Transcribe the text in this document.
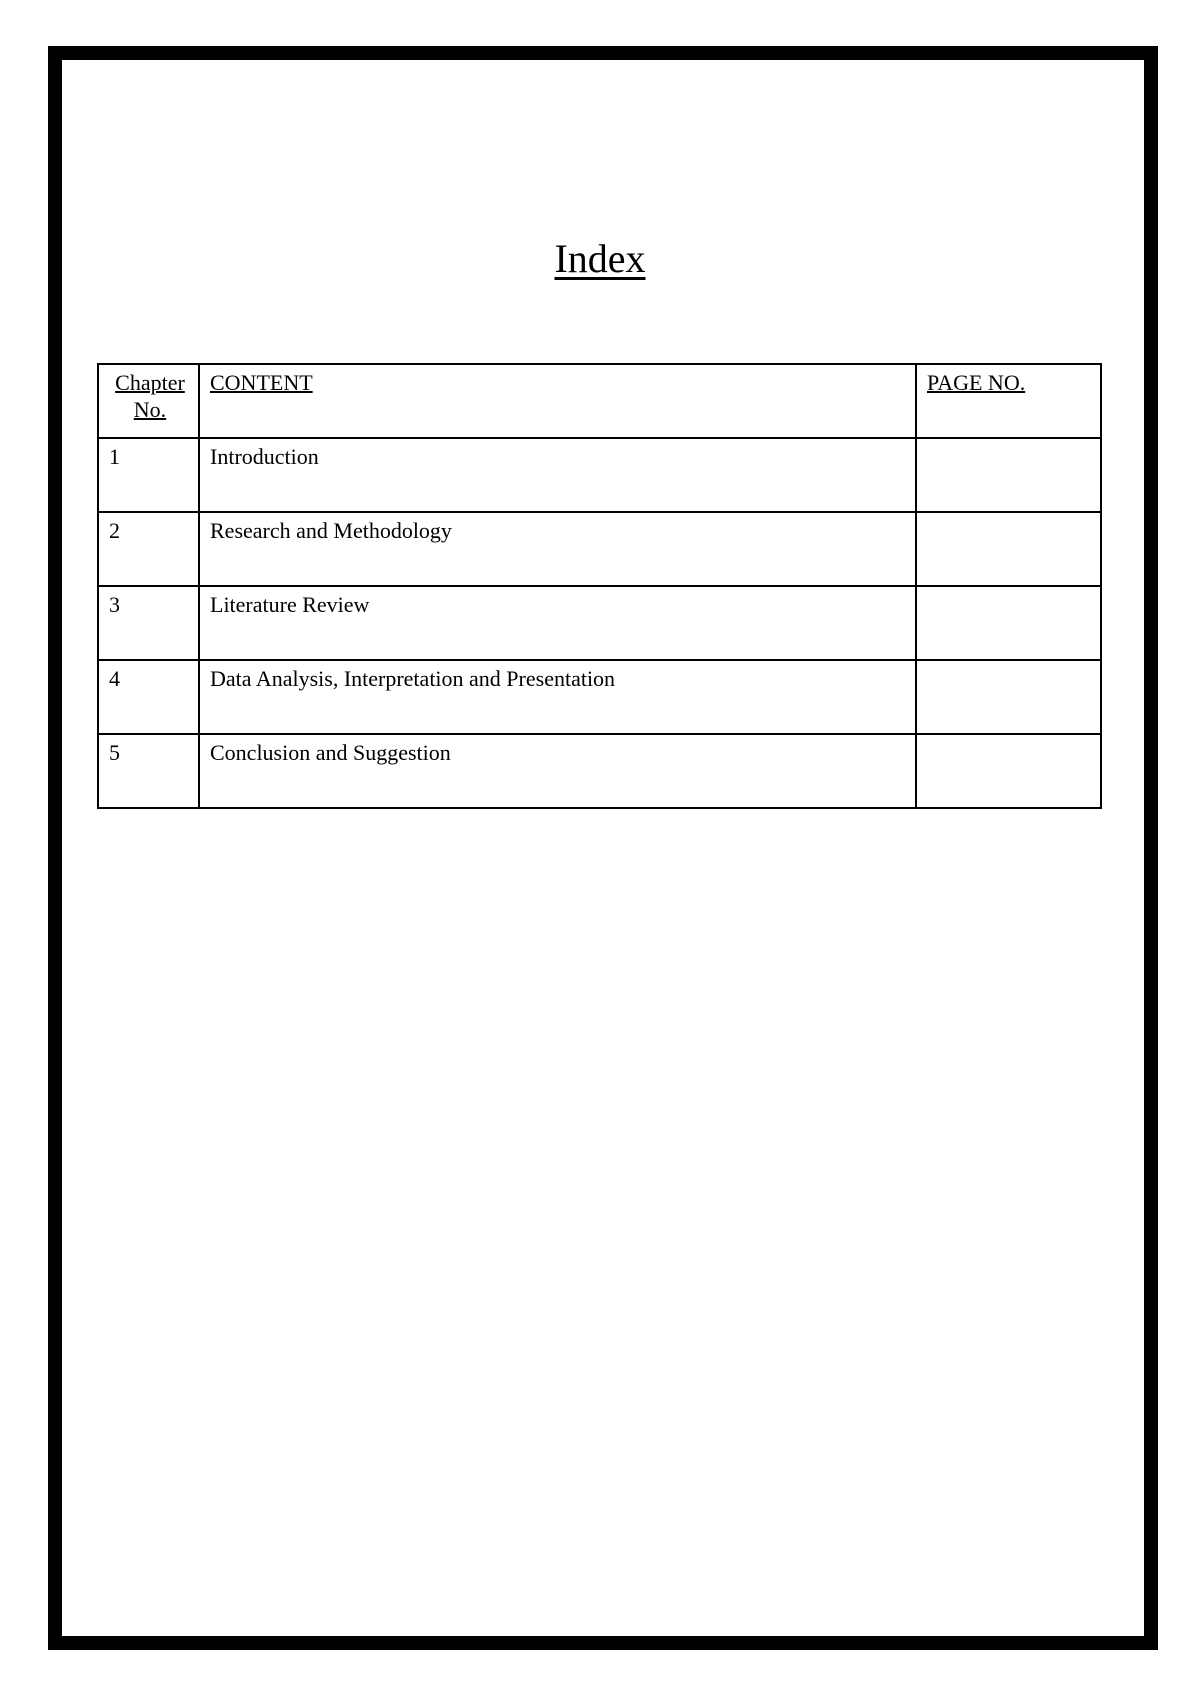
Index
Chapter
No.	CONTENT	PAGE NO.
1	Introduction	
2	Research and Methodology	
3	Literature Review	
4	Data Analysis, Interpretation and Presentation	
5	Conclusion and Suggestion	
